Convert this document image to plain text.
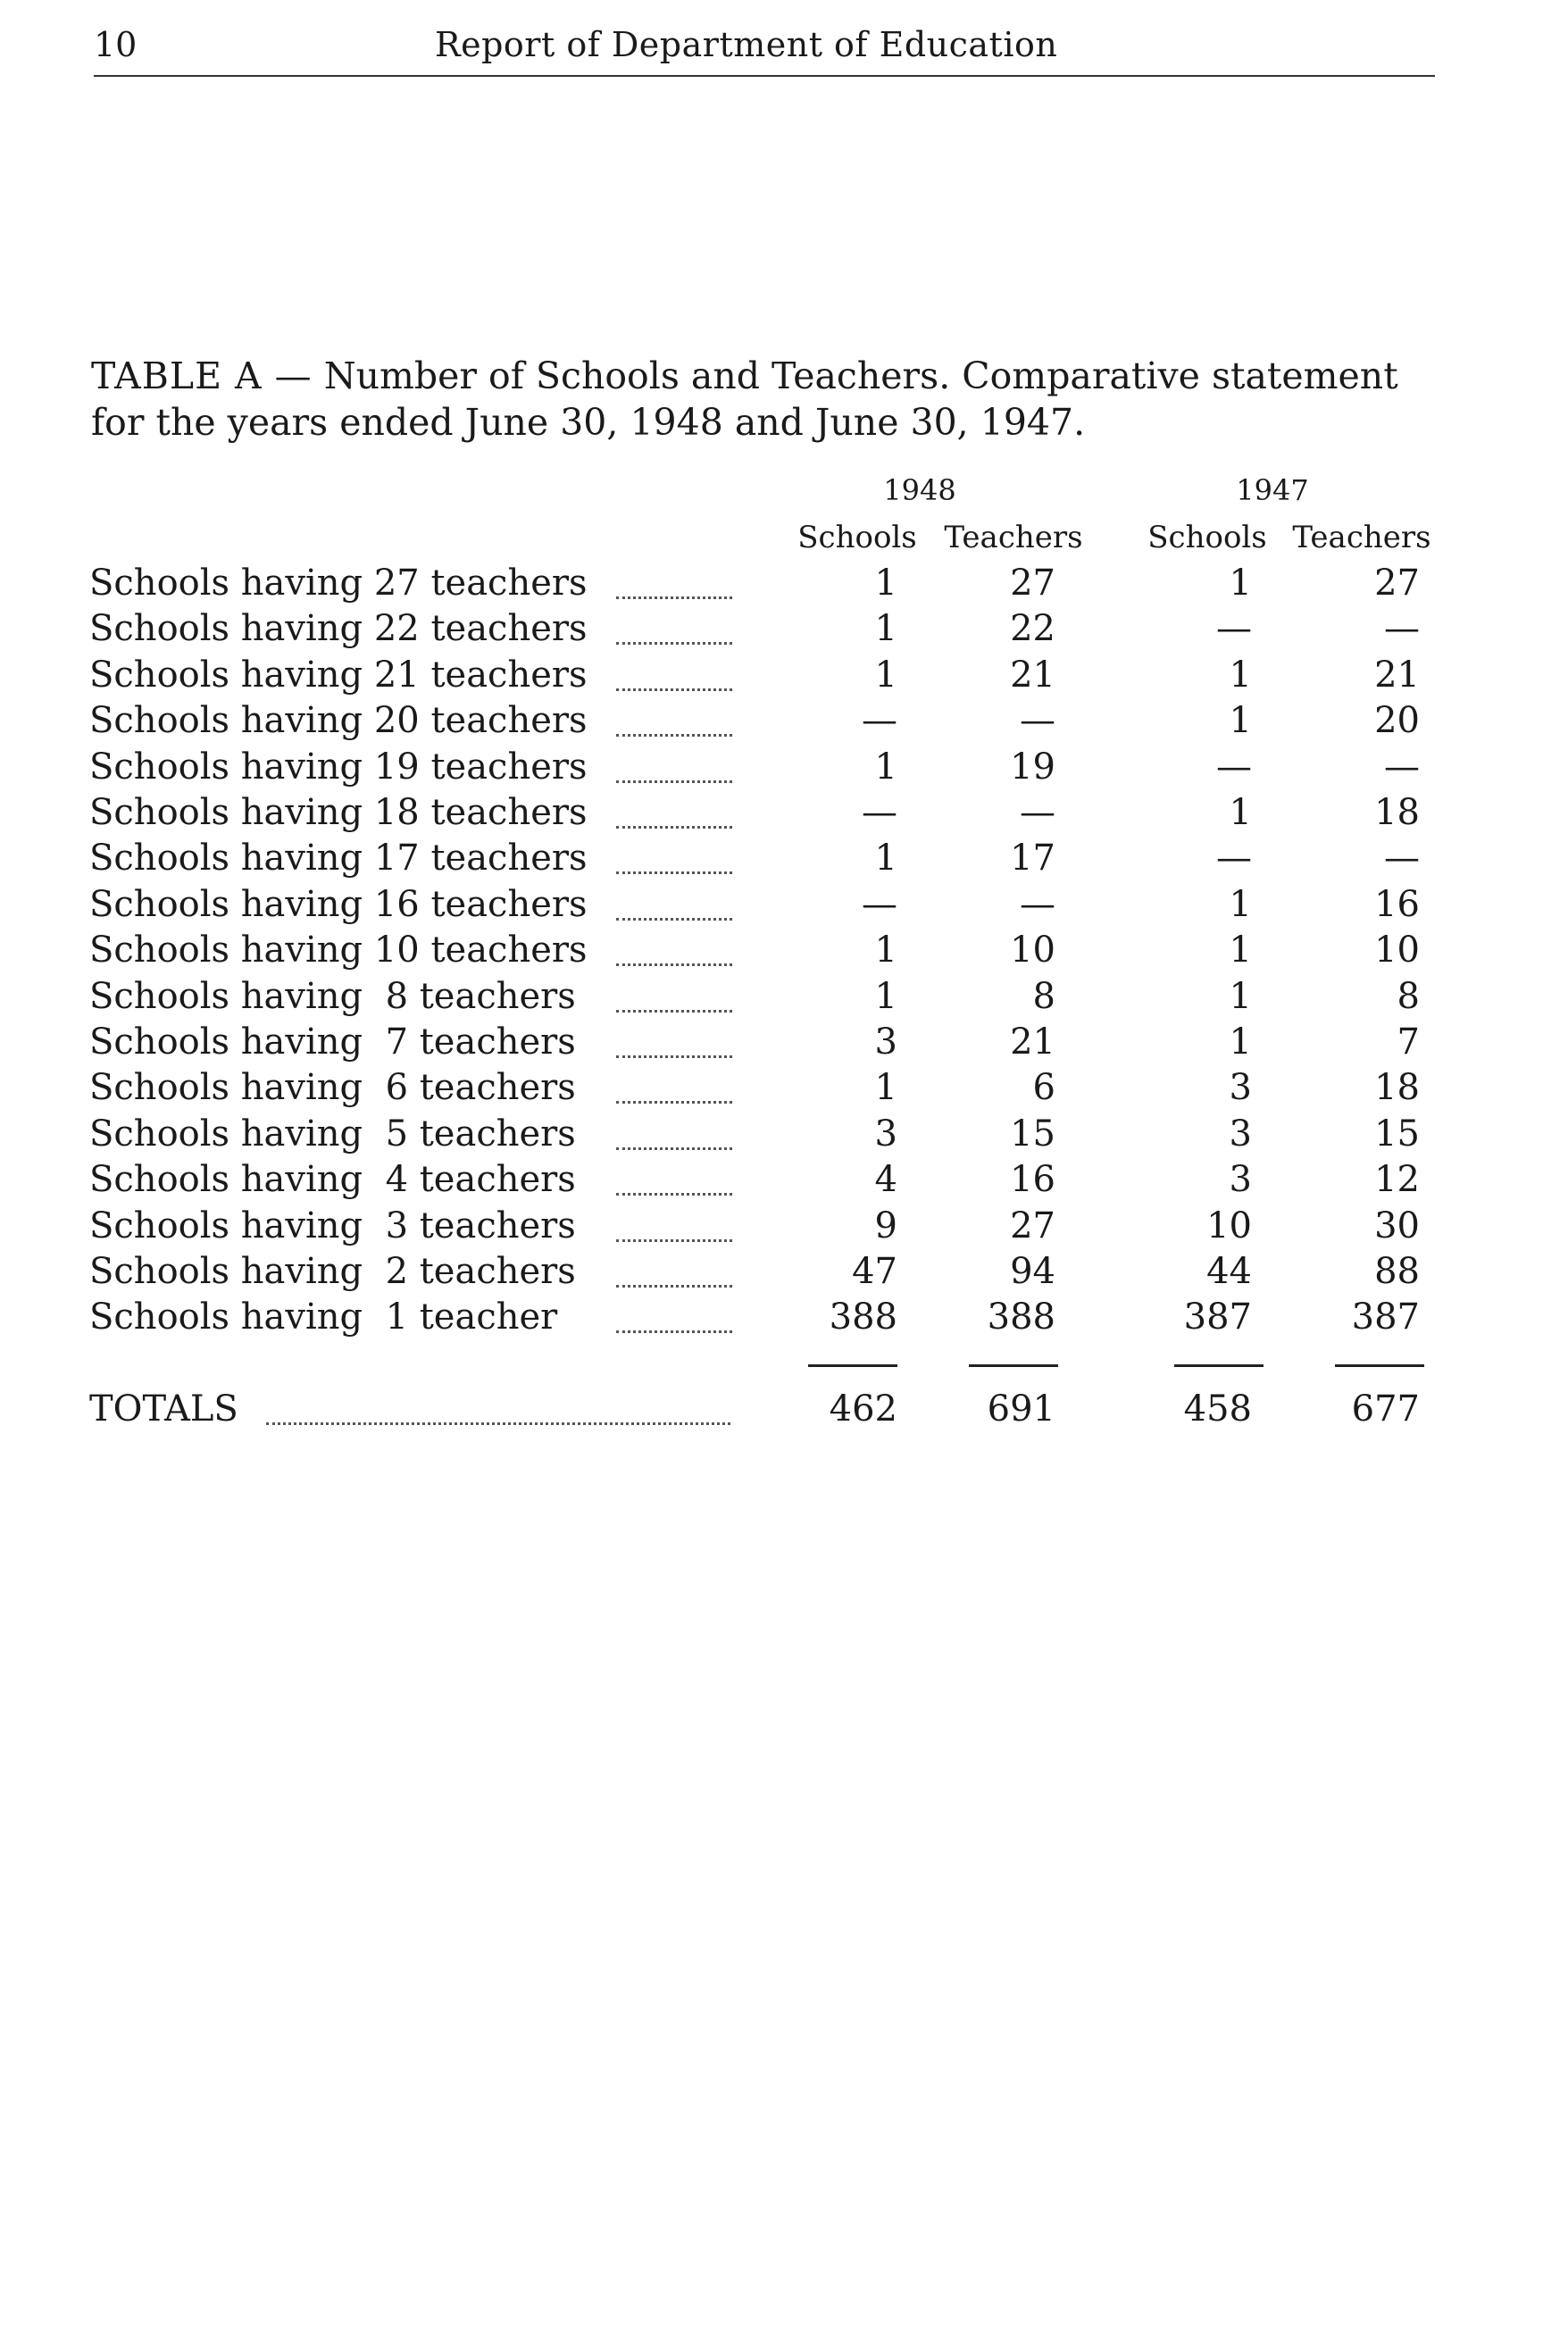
10	Report of Department of Education
TABLE A — Number of Schools and Teachers. Comparative statement for the years ended June 30, 1948 and June 30, 1947.
1948	1947
Schools Teachers	Schools Teachers
Schools having 27 teachers	1	27	1	27
Schools having 22 teachers	1	22	—	—
Schools having 21 teachers	1	21	1	21
Schools having 20 teachers	—	—	1	20
Schools having 19 teachers	1	19	—	—
Schools having 18 teachers	—	—	1	18
Schools having 17 teachers	1	17	—	—
Schools having 16 teachers	—	—	1	16
Schools having 10 teachers	1	10	1	10
Schools having  8 teachers	1	8	1	8
Schools having  7 teachers	3	21	1	7
Schools having  6 teachers	1	6	3	18
Schools having  5 teachers	3	15	3	15
Schools having  4 teachers	4	16	3	12
Schools having  3 teachers	9	27	10	30
Schools having  2 teachers	47	94	44	88
Schools having  1 teacher	388	388	387	387
TOTALS	462	691	458	677
